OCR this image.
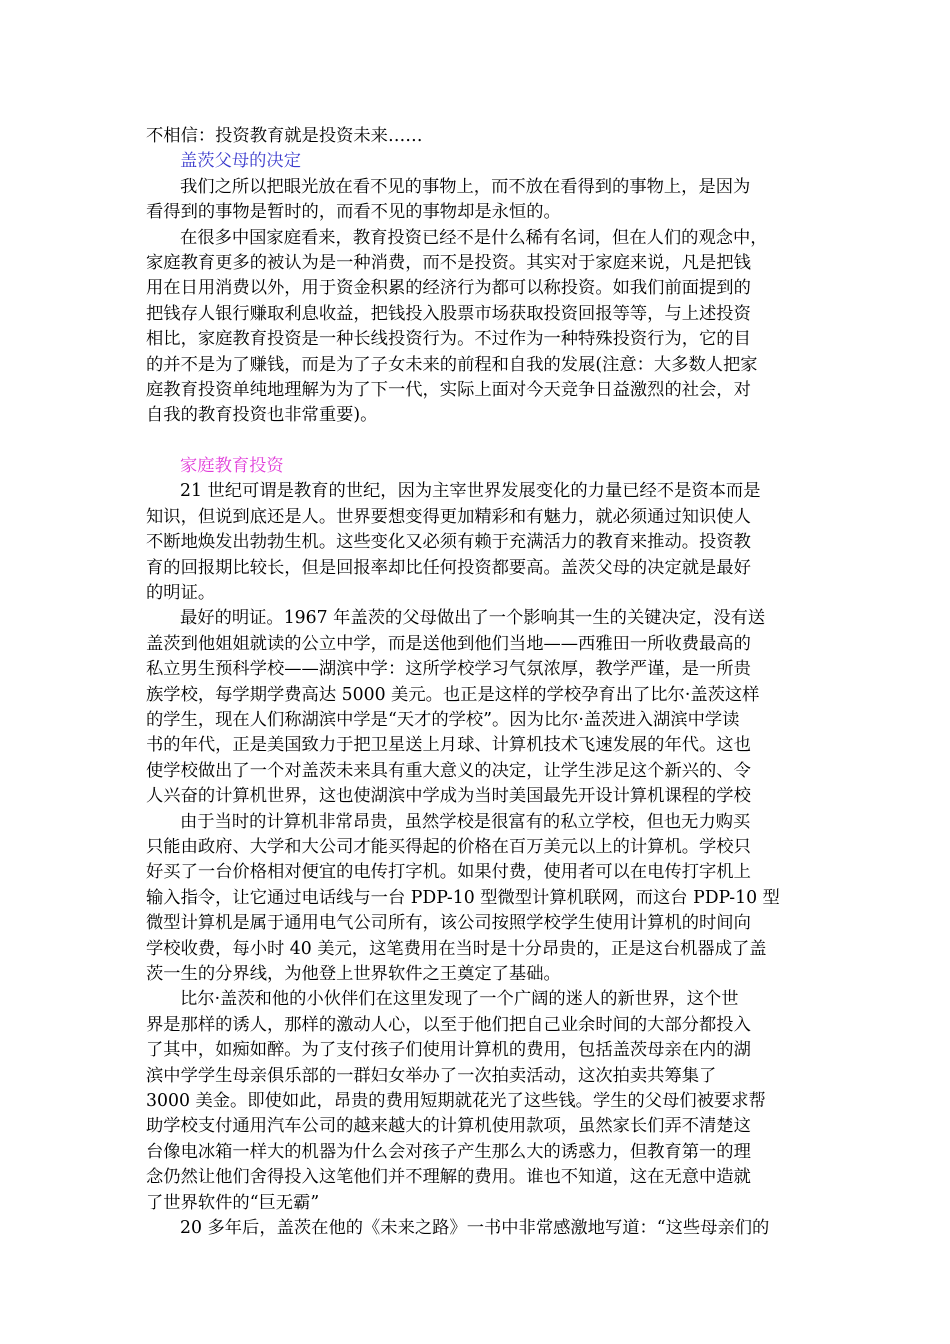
不相信：投资教育就是投资未来……
盖茨父母的决定
我们之所以把眼光放在看不见的事物上，而不放在看得到的事物上，是因为
看得到的事物是暂时的，而看不见的事物却是永恒的。
在很多中国家庭看来，教育投资已经不是什么稀有名词，但在人们的观念中，
家庭教育更多的被认为是一种消费，而不是投资。其实对于家庭来说，凡是把钱
用在日用消费以外，用于资金积累的经济行为都可以称投资。如我们前面提到的
把钱存人银行赚取利息收益，把钱投入股票市场获取投资回报等等，与上述投资
相比，家庭教育投资是一种长线投资行为。不过作为一种特殊投资行为，它的目
的并不是为了赚钱，而是为了子女未来的前程和自我的发展(注意：大多数人把家
庭教育投资单纯地理解为为了下一代，实际上面对今天竞争日益激烈的社会，对
自我的教育投资也非常重要)。
家庭教育投资
21 世纪可谓是教育的世纪，因为主宰世界发展变化的力量已经不是资本而是
知识，但说到底还是人。世界要想变得更加精彩和有魅力，就必须通过知识使人
不断地焕发出勃勃生机。这些变化又必须有赖于充满活力的教育来推动。投资教
育的回报期比较长，但是回报率却比任何投资都要高。盖茨父母的决定就是最好
的明证。
最好的明证。1967 年盖茨的父母做出了一个影响其一生的关键决定，没有送
盖茨到他姐姐就读的公立中学，而是送他到他们当地——西雅田一所收费最高的
私立男生预科学校——湖滨中学：这所学校学习气氛浓厚，教学严谨，是一所贵
族学校，每学期学费高达 5000 美元。也正是这样的学校孕育出了比尔·盖茨这样
的学生，现在人们称湖滨中学是“天才的学校”。因为比尔·盖茨进入湖滨中学读
书的年代，正是美国致力于把卫星送上月球、计算机技术飞速发展的年代。这也
使学校做出了一个对盖茨未来具有重大意义的决定，让学生涉足这个新兴的、令
人兴奋的计算机世界，这也使湖滨中学成为当时美国最先开设计算机课程的学校
由于当时的计算机非常昂贵，虽然学校是很富有的私立学校，但也无力购买
只能由政府、大学和大公司才能买得起的价格在百万美元以上的计算机。学校只
好买了一台价格相对便宜的电传打字机。如果付费，使用者可以在电传打字机上
输入指令，让它通过电话线与一台 PDP-10 型微型计算机联网，而这台 PDP-10 型
微型计算机是属于通用电气公司所有，该公司按照学校学生使用计算机的时间向
学校收费，每小时 40 美元，这笔费用在当时是十分昂贵的，正是这台机器成了盖
茨一生的分界线，为他登上世界软件之王奠定了基础。
比尔·盖茨和他的小伙伴们在这里发现了一个广阔的迷人的新世界，这个世
界是那样的诱人，那样的激动人心，以至于他们把自己业余时间的大部分都投入
了其中，如痴如醉。为了支付孩子们使用计算机的费用，包括盖茨母亲在内的湖
滨中学学生母亲俱乐部的一群妇女举办了一次拍卖活动，这次拍卖共筹集了
3000 美金。即使如此，昂贵的费用短期就花光了这些钱。学生的父母们被要求帮
助学校支付通用汽车公司的越来越大的计算机使用款项，虽然家长们弄不清楚这
台像电冰箱一样大的机器为什么会对孩子产生那么大的诱惑力，但教育第一的理
念仍然让他们舍得投入这笔他们并不理解的费用。谁也不知道，这在无意中造就
了世界软件的“巨无霸”
20 多年后，盖茨在他的《未来之路》一书中非常感激地写道：“这些母亲们的
